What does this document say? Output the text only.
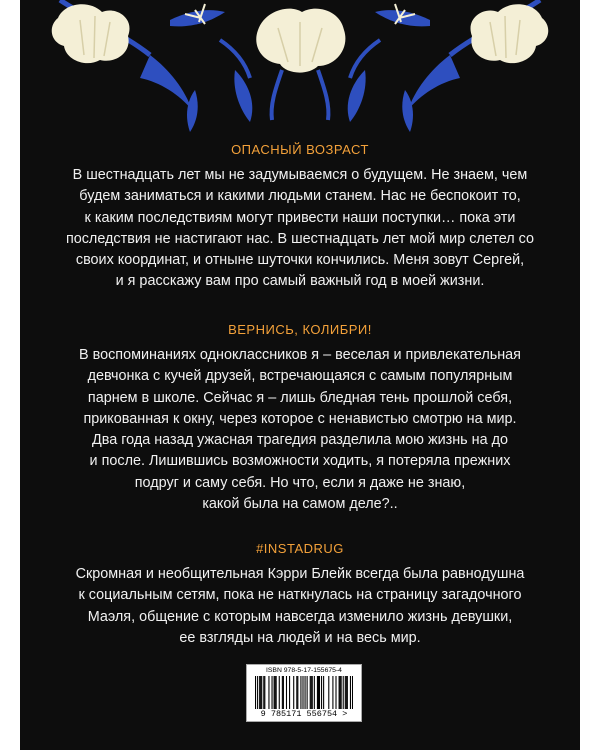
ОПАСНЫЙ ВОЗРАСТ
В шестнадцать лет мы не задумываемся о будущем. Не знаем, чем
будем заниматься и какими людьми станем. Нас не беспокоит то,
к каким последствиям могут привести наши поступки… пока эти
последствия не настигают нас. В шестнадцать лет мой мир слетел со
своих координат, и отныне шуточки кончились. Меня зовут Сергей,
и я расскажу вам про самый важный год в моей жизни.
ВЕРНИСЬ, КОЛИБРИ!
В воспоминаниях одноклассников я – веселая и привлекательная
девчонка с кучей друзей, встречающаяся с самым популярным
парнем в школе. Сейчас я – лишь бледная тень прошлой себя,
прикованная к окну, через которое с ненавистью смотрю на мир.
Два года назад ужасная трагедия разделила мою жизнь на до
и после. Лишившись возможности ходить, я потеряла прежних
подруг и саму себя. Но что, если я даже не знаю,
какой была на самом деле?..
#INSTADRUG
Скромная и необщительная Кэрри Блейк всегда была равнодушна
к социальным сетям, пока не наткнулась на страницу загадочного
Маэля, общение с которым навсегда изменило жизнь девушки,
ее взгляды на людей и на весь мир.
ISBN 978-5-17-155675-4
9 785171 556754 >
